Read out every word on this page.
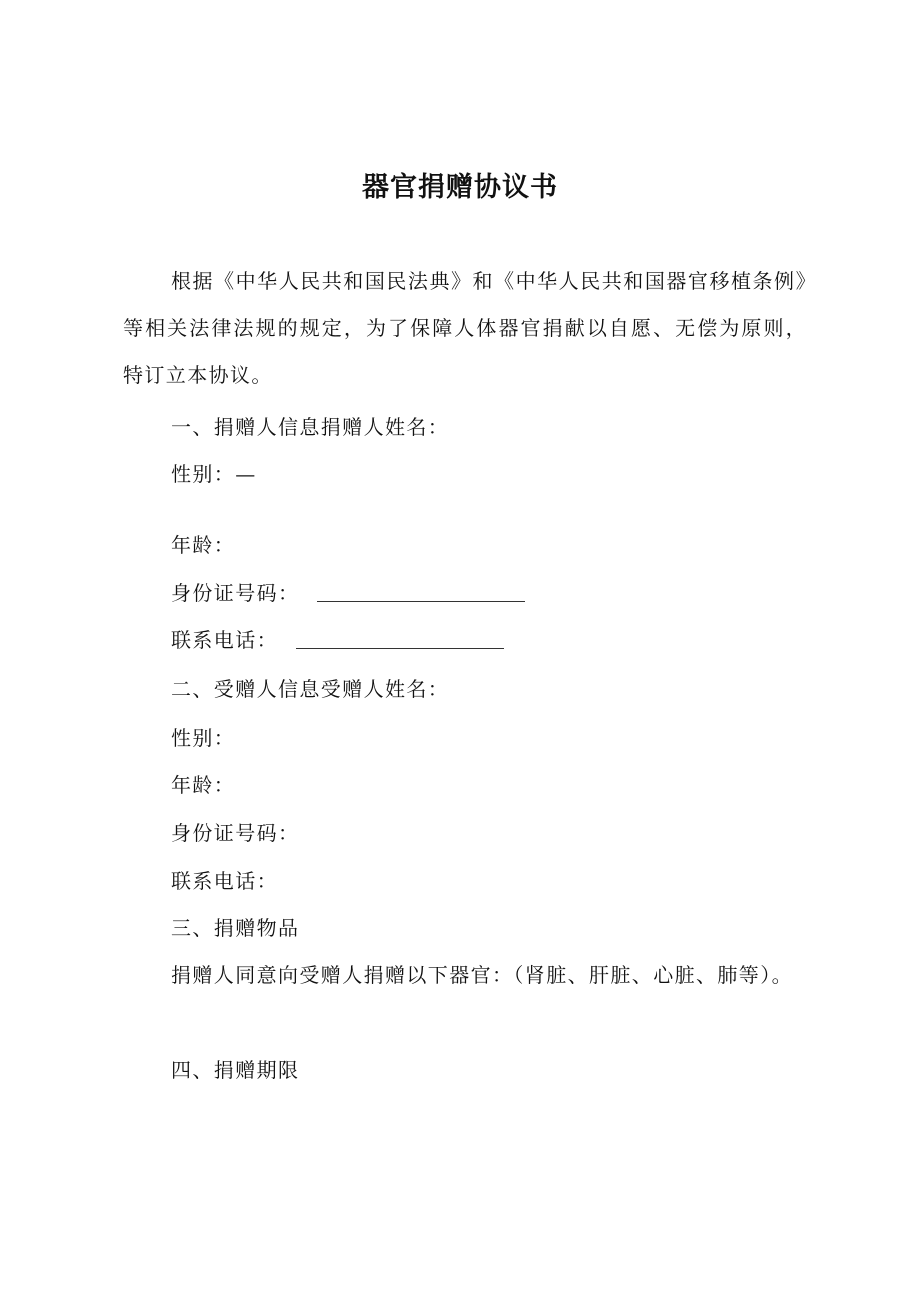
器官捐赠协议书

根据《中华人民共和国民法典》和《中华人民共和国器官移植条例》等相关法律法规的规定，为了保障人体器官捐献以自愿、无偿为原则，特订立本协议。

一、捐赠人信息捐赠人姓名：

性别：—

年龄：

身份证号码：
联系电话：

二、受赠人信息受赠人姓名：

性别：

年龄：

身份证号码：

联系电话：

三、捐赠物品

捐赠人同意向受赠人捐赠以下器官：（肾脏、肝脏、心脏、肺等）。

四、捐赠期限
